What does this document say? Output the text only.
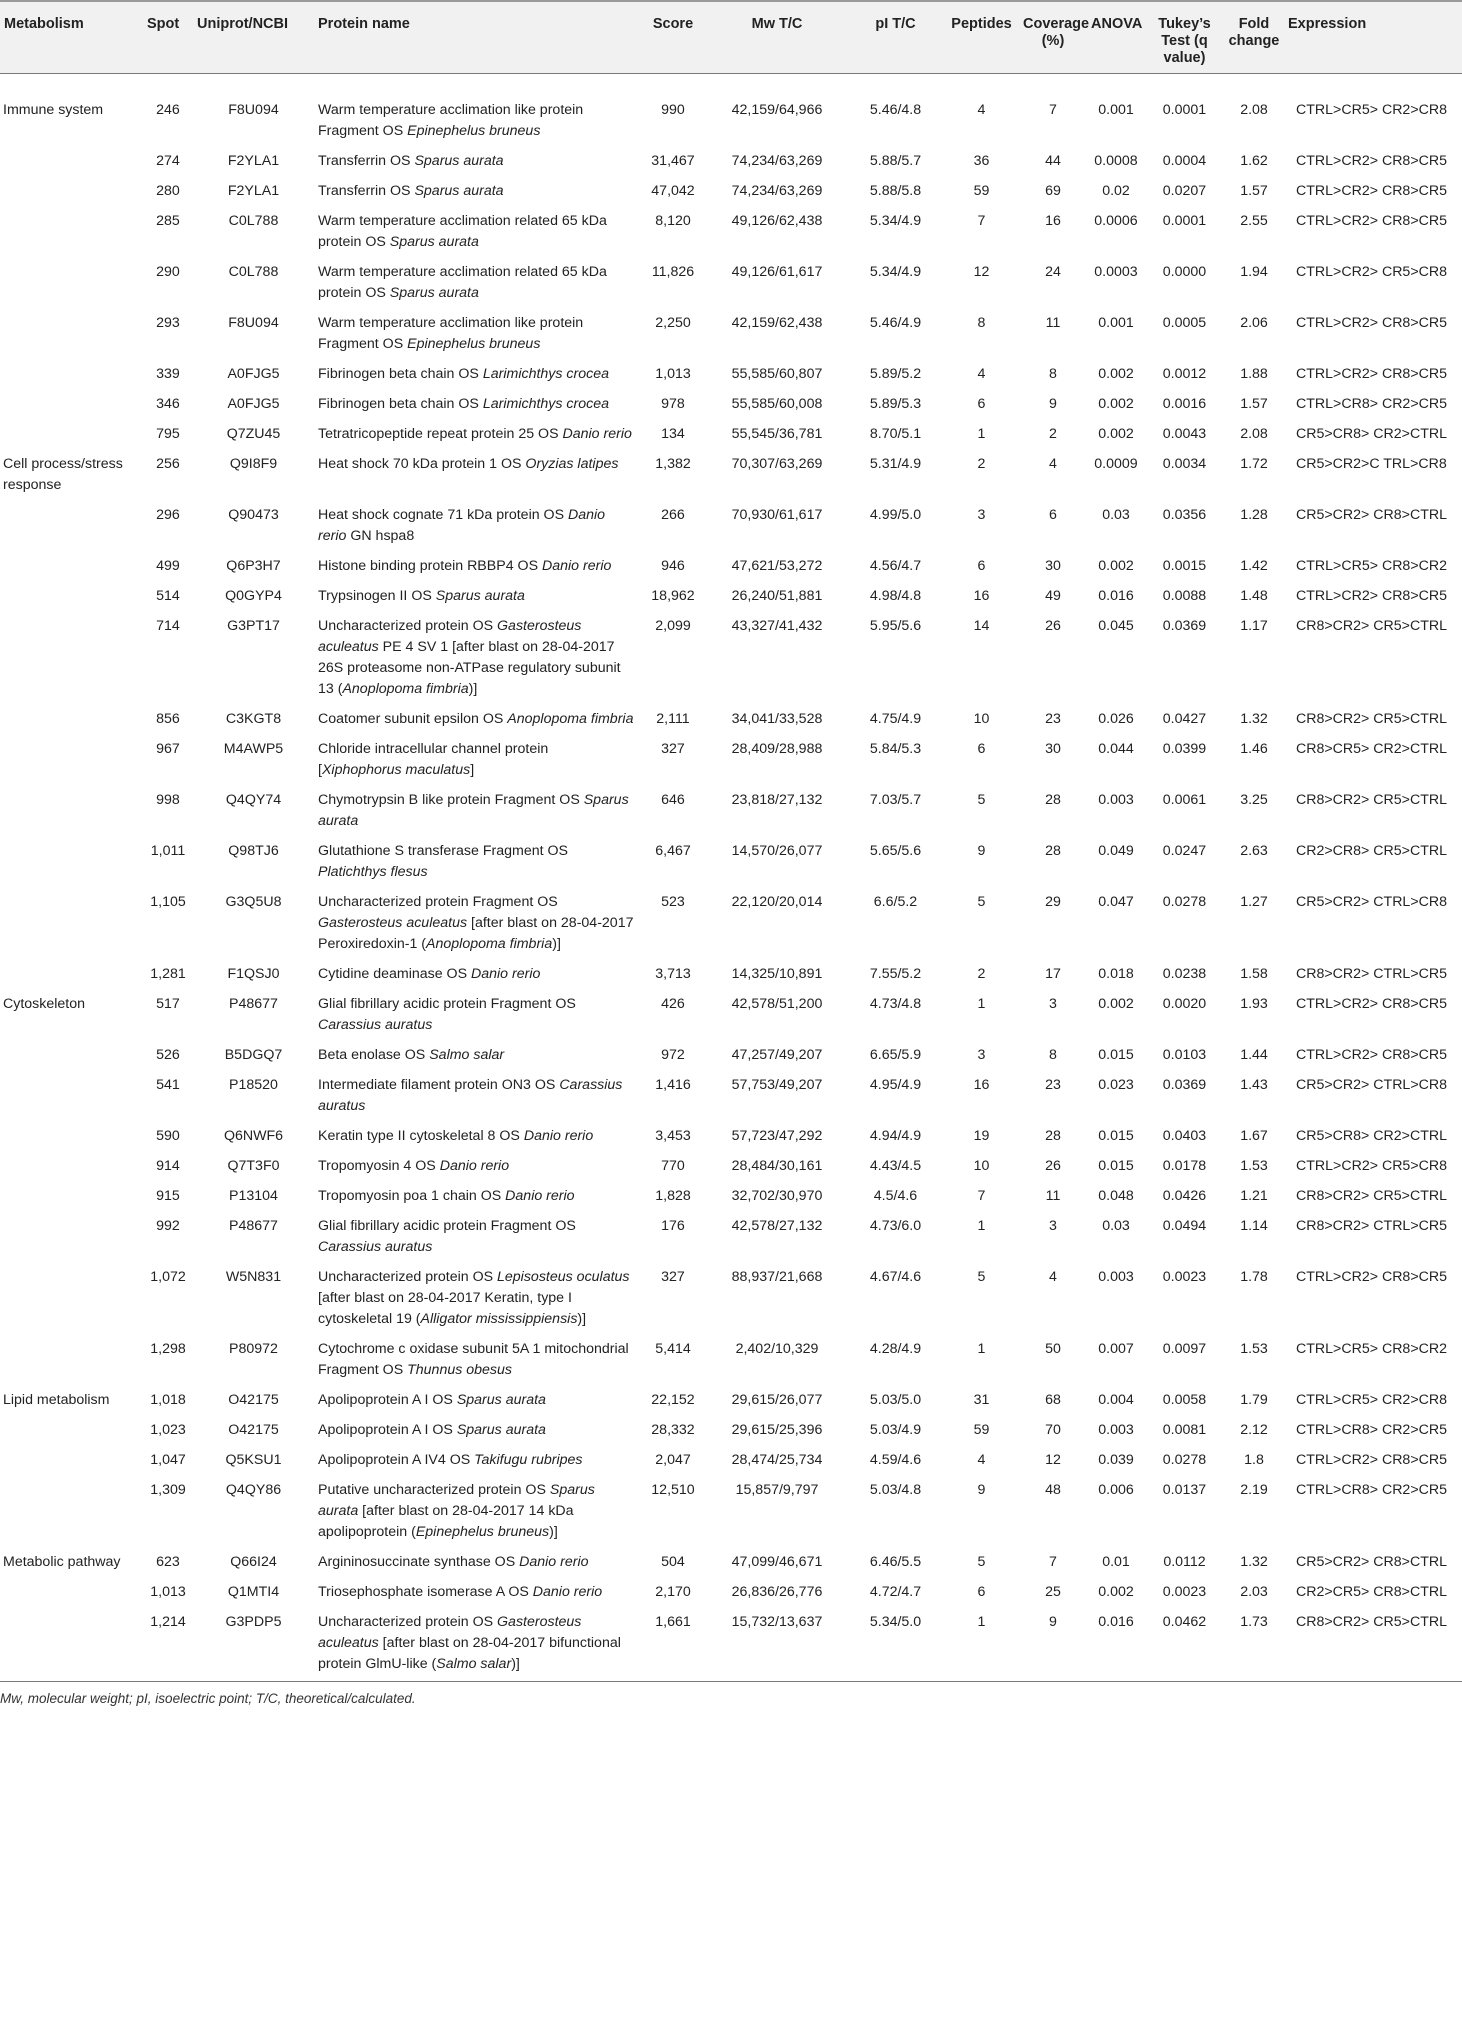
Metabolism	Spot	Uniprot/NCBI	Protein name	Score	Mw T/C	pI T/C	Peptides	Coverage (%)	ANOVA	Tukey’s Test (q value)	Fold change	Expression
Immune system	246	F8U094	Warm temperature acclimation like protein Fragment OS Epinephelus bruneus	990	42,159/64,966	5.46/4.8	4	7	0.001	0.0001	2.08	CTRL>CR5> CR2>CR8
	274	F2YLA1	Transferrin OS Sparus aurata	31,467	74,234/63,269	5.88/5.7	36	44	0.0008	0.0004	1.62	CTRL>CR2> CR8>CR5
	280	F2YLA1	Transferrin OS Sparus aurata	47,042	74,234/63,269	5.88/5.8	59	69	0.02	0.0207	1.57	CTRL>CR2> CR8>CR5
	285	C0L788	Warm temperature acclimation related 65 kDa protein OS Sparus aurata	8,120	49,126/62,438	5.34/4.9	7	16	0.0006	0.0001	2.55	CTRL>CR2> CR8>CR5
	290	C0L788	Warm temperature acclimation related 65 kDa protein OS Sparus aurata	11,826	49,126/61,617	5.34/4.9	12	24	0.0003	0.0000	1.94	CTRL>CR2> CR5>CR8
	293	F8U094	Warm temperature acclimation like protein Fragment OS Epinephelus bruneus	2,250	42,159/62,438	5.46/4.9	8	11	0.001	0.0005	2.06	CTRL>CR2> CR8>CR5
	339	A0FJG5	Fibrinogen beta chain OS Larimichthys crocea	1,013	55,585/60,807	5.89/5.2	4	8	0.002	0.0012	1.88	CTRL>CR2> CR8>CR5
	346	A0FJG5	Fibrinogen beta chain OS Larimichthys crocea	978	55,585/60,008	5.89/5.3	6	9	0.002	0.0016	1.57	CTRL>CR8> CR2>CR5
	795	Q7ZU45	Tetratricopeptide repeat protein 25 OS Danio rerio	134	55,545/36,781	8.70/5.1	1	2	0.002	0.0043	2.08	CR5>CR8> CR2>CTRL
Cell process/stress response	256	Q9I8F9	Heat shock 70 kDa protein 1 OS Oryzias latipes	1,382	70,307/63,269	5.31/4.9	2	4	0.0009	0.0034	1.72	CR5>CR2>C TRL>CR8
	296	Q90473	Heat shock cognate 71 kDa protein OS Danio rerio GN hspa8	266	70,930/61,617	4.99/5.0	3	6	0.03	0.0356	1.28	CR5>CR2> CR8>CTRL
	499	Q6P3H7	Histone binding protein RBBP4 OS Danio rerio	946	47,621/53,272	4.56/4.7	6	30	0.002	0.0015	1.42	CTRL>CR5> CR8>CR2
	514	Q0GYP4	Trypsinogen II OS Sparus aurata	18,962	26,240/51,881	4.98/4.8	16	49	0.016	0.0088	1.48	CTRL>CR2> CR8>CR5
	714	G3PT17	Uncharacterized protein OS Gasterosteus aculeatus PE 4 SV 1 [after blast on 28-04-2017 26S proteasome non-ATPase regulatory subunit 13 (Anoplopoma fimbria)]	2,099	43,327/41,432	5.95/5.6	14	26	0.045	0.0369	1.17	CR8>CR2> CR5>CTRL
	856	C3KGT8	Coatomer subunit epsilon OS Anoplopoma fimbria	2,111	34,041/33,528	4.75/4.9	10	23	0.026	0.0427	1.32	CR8>CR2> CR5>CTRL
	967	M4AWP5	Chloride intracellular channel protein [Xiphophorus maculatus]	327	28,409/28,988	5.84/5.3	6	30	0.044	0.0399	1.46	CR8>CR5> CR2>CTRL
	998	Q4QY74	Chymotrypsin B like protein Fragment OS Sparus aurata	646	23,818/27,132	7.03/5.7	5	28	0.003	0.0061	3.25	CR8>CR2> CR5>CTRL
	1,011	Q98TJ6	Glutathione S transferase Fragment OS Platichthys flesus	6,467	14,570/26,077	5.65/5.6	9	28	0.049	0.0247	2.63	CR2>CR8> CR5>CTRL
	1,105	G3Q5U8	Uncharacterized protein Fragment OS Gasterosteus aculeatus [after blast on 28-04-2017 Peroxiredoxin-1 (Anoplopoma fimbria)]	523	22,120/20,014	6.6/5.2	5	29	0.047	0.0278	1.27	CR5>CR2> CTRL>CR8
	1,281	F1QSJ0	Cytidine deaminase OS Danio rerio	3,713	14,325/10,891	7.55/5.2	2	17	0.018	0.0238	1.58	CR8>CR2> CTRL>CR5
Cytoskeleton	517	P48677	Glial fibrillary acidic protein Fragment OS Carassius auratus	426	42,578/51,200	4.73/4.8	1	3	0.002	0.0020	1.93	CTRL>CR2> CR8>CR5
	526	B5DGQ7	Beta enolase OS Salmo salar	972	47,257/49,207	6.65/5.9	3	8	0.015	0.0103	1.44	CTRL>CR2> CR8>CR5
	541	P18520	Intermediate filament protein ON3 OS Carassius auratus	1,416	57,753/49,207	4.95/4.9	16	23	0.023	0.0369	1.43	CR5>CR2> CTRL>CR8
	590	Q6NWF6	Keratin type II cytoskeletal 8 OS Danio rerio	3,453	57,723/47,292	4.94/4.9	19	28	0.015	0.0403	1.67	CR5>CR8> CR2>CTRL
	914	Q7T3F0	Tropomyosin 4 OS Danio rerio	770	28,484/30,161	4.43/4.5	10	26	0.015	0.0178	1.53	CTRL>CR2> CR5>CR8
	915	P13104	Tropomyosin poa 1 chain OS Danio rerio	1,828	32,702/30,970	4.5/4.6	7	11	0.048	0.0426	1.21	CR8>CR2> CR5>CTRL
	992	P48677	Glial fibrillary acidic protein Fragment OS Carassius auratus	176	42,578/27,132	4.73/6.0	1	3	0.03	0.0494	1.14	CR8>CR2> CTRL>CR5
	1,072	W5N831	Uncharacterized protein OS Lepisosteus oculatus [after blast on 28-04-2017 Keratin, type I cytoskeletal 19 (Alligator mississippiensis)]	327	88,937/21,668	4.67/4.6	5	4	0.003	0.0023	1.78	CTRL>CR2> CR8>CR5
	1,298	P80972	Cytochrome c oxidase subunit 5A 1 mitochondrial Fragment OS Thunnus obesus	5,414	2,402/10,329	4.28/4.9	1	50	0.007	0.0097	1.53	CTRL>CR5> CR8>CR2
Lipid metabolism	1,018	O42175	Apolipoprotein A I OS Sparus aurata	22,152	29,615/26,077	5.03/5.0	31	68	0.004	0.0058	1.79	CTRL>CR5> CR2>CR8
	1,023	O42175	Apolipoprotein A I OS Sparus aurata	28,332	29,615/25,396	5.03/4.9	59	70	0.003	0.0081	2.12	CTRL>CR8> CR2>CR5
	1,047	Q5KSU1	Apolipoprotein A IV4 OS Takifugu rubripes	2,047	28,474/25,734	4.59/4.6	4	12	0.039	0.0278	1.8	CTRL>CR2> CR8>CR5
	1,309	Q4QY86	Putative uncharacterized protein OS Sparus aurata [after blast on 28-04-2017 14 kDa apolipoprotein (Epinephelus bruneus)]	12,510	15,857/9,797	5.03/4.8	9	48	0.006	0.0137	2.19	CTRL>CR8> CR2>CR5
Metabolic pathway	623	Q66I24	Argininosuccinate synthase OS Danio rerio	504	47,099/46,671	6.46/5.5	5	7	0.01	0.0112	1.32	CR5>CR2> CR8>CTRL
	1,013	Q1MTI4	Triosephosphate isomerase A OS Danio rerio	2,170	26,836/26,776	4.72/4.7	6	25	0.002	0.0023	2.03	CR2>CR5> CR8>CTRL
	1,214	G3PDP5	Uncharacterized protein OS Gasterosteus aculeatus [after blast on 28-04-2017 bifunctional protein GlmU-like (Salmo salar)]	1,661	15,732/13,637	5.34/5.0	1	9	0.016	0.0462	1.73	CR8>CR2> CR5>CTRL
Mw, molecular weight; pI, isoelectric point; T/C, theoretical/calculated.
